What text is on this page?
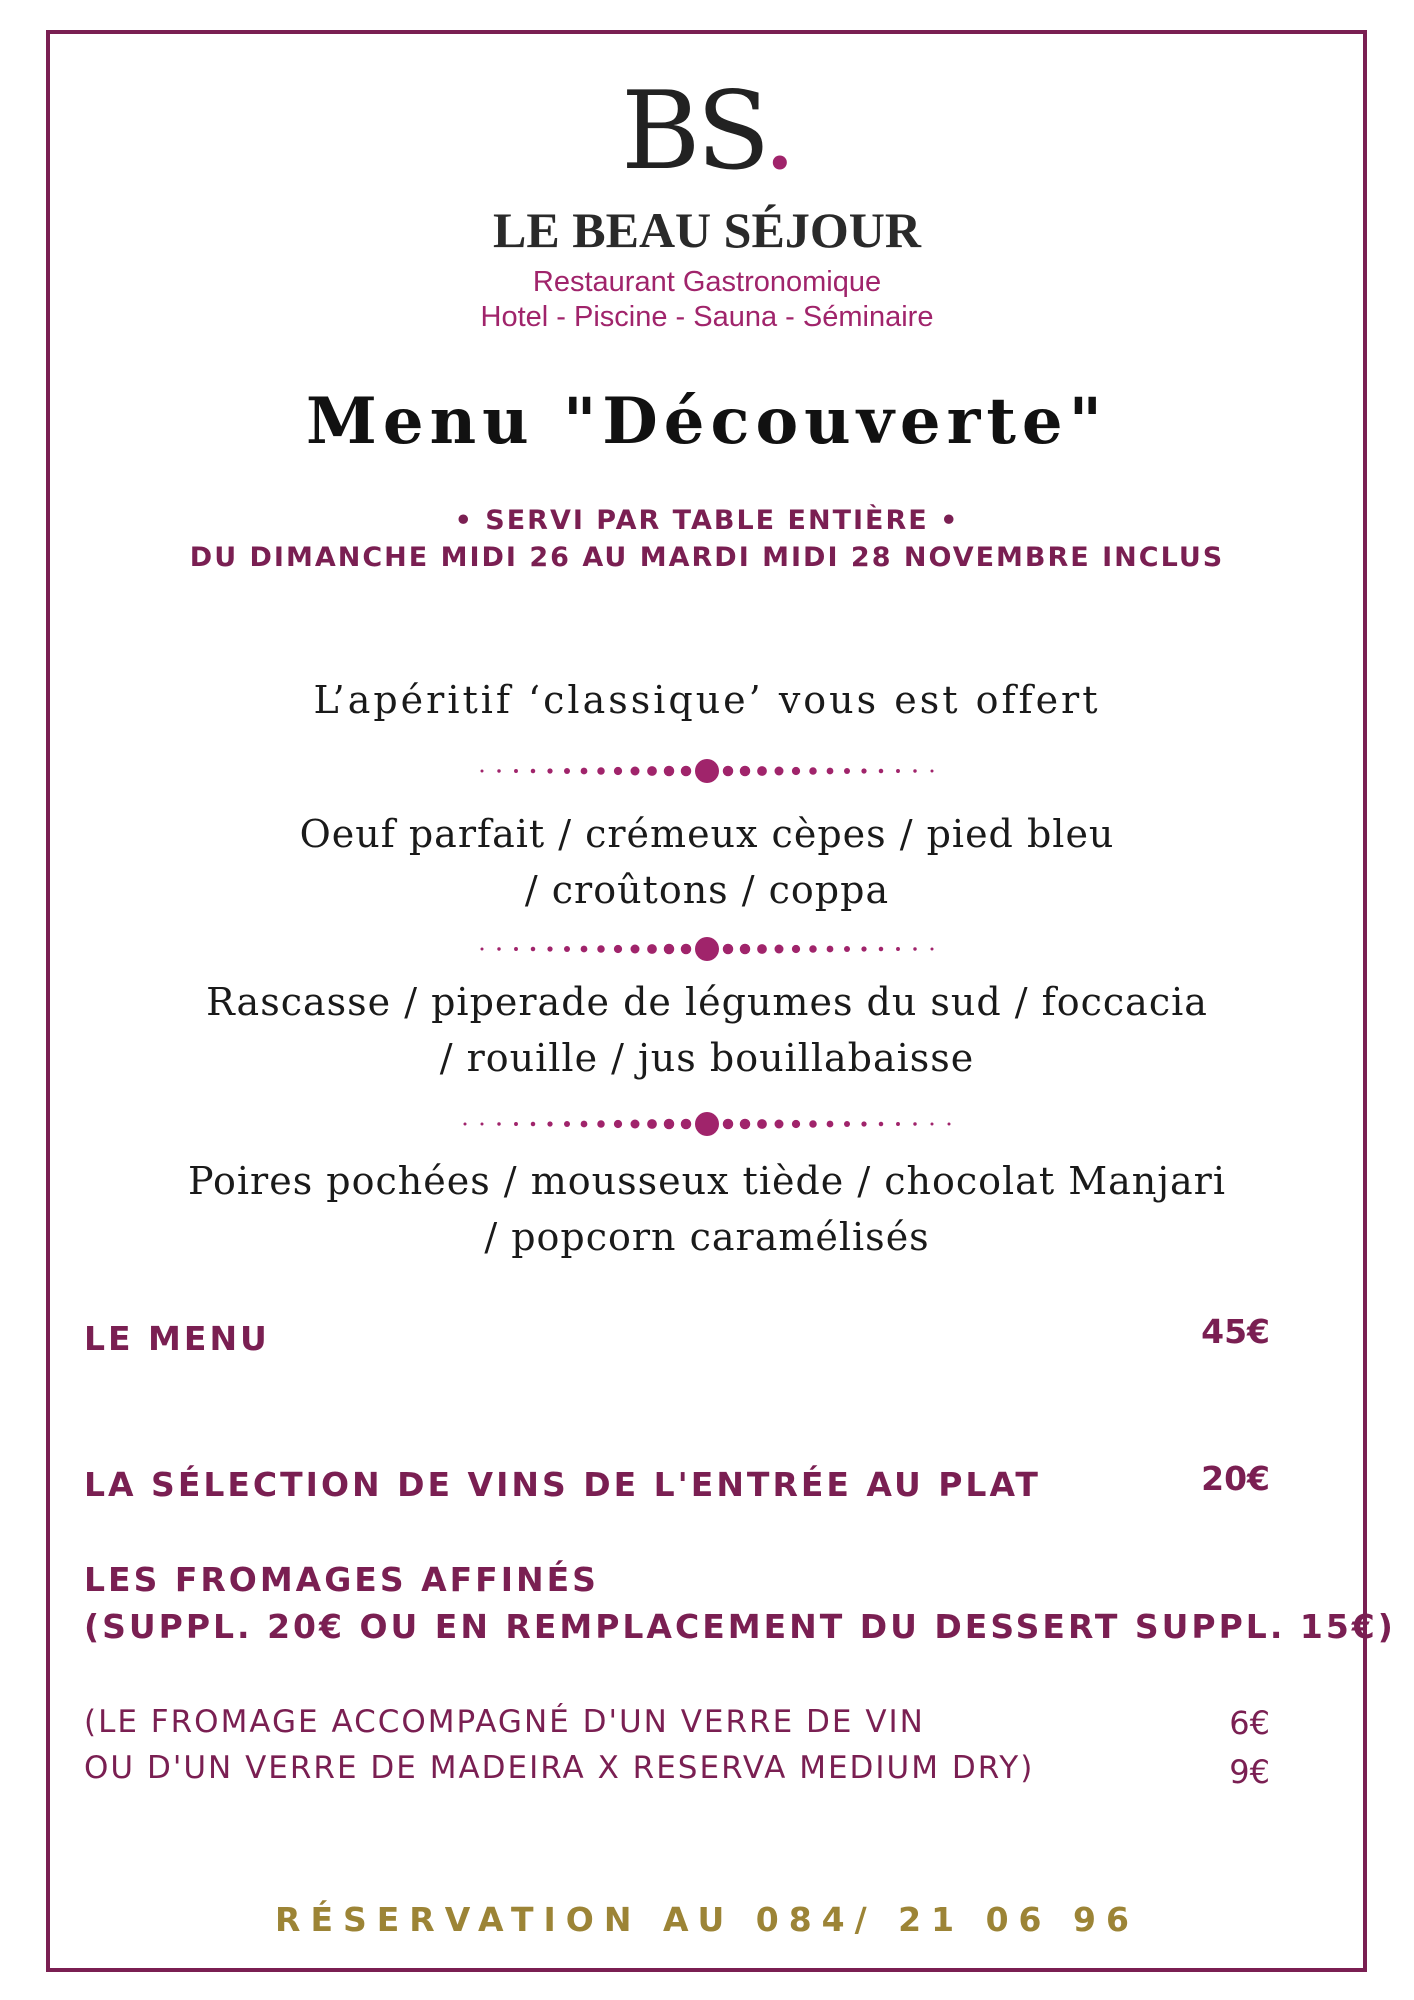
BS.
LE BEAU SÉJOUR
Restaurant Gastronomique
Hotel - Piscine - Sauna - Séminaire
Menu "Découverte"
• SERVI PAR TABLE ENTIÈRE •
DU DIMANCHE MIDI 26 AU MARDI MIDI 28 NOVEMBRE INCLUS
L’apéritif ‘classique’ vous est offert
Oeuf parfait / crémeux cèpes / pied bleu
/ croûtons / coppa
Rascasse / piperade de légumes du sud / foccacia
/ rouille / jus bouillabaisse
Poires pochées / mousseux tiède / chocolat Manjari
/ popcorn caramélisés
LE MENU	45€
LA SÉLECTION DE VINS DE L'ENTRÉE AU PLAT	20€
LES FROMAGES AFFINÉS
(SUPPL. 20€ OU EN REMPLACEMENT DU DESSERT SUPPL. 15€)
(LE FROMAGE ACCOMPAGNÉ D'UN VERRE DE VIN
OU D'UN VERRE DE MADEIRA X RESERVA MEDIUM DRY)
6€
9€
RÉSERVATION AU 084/ 21 06 96
